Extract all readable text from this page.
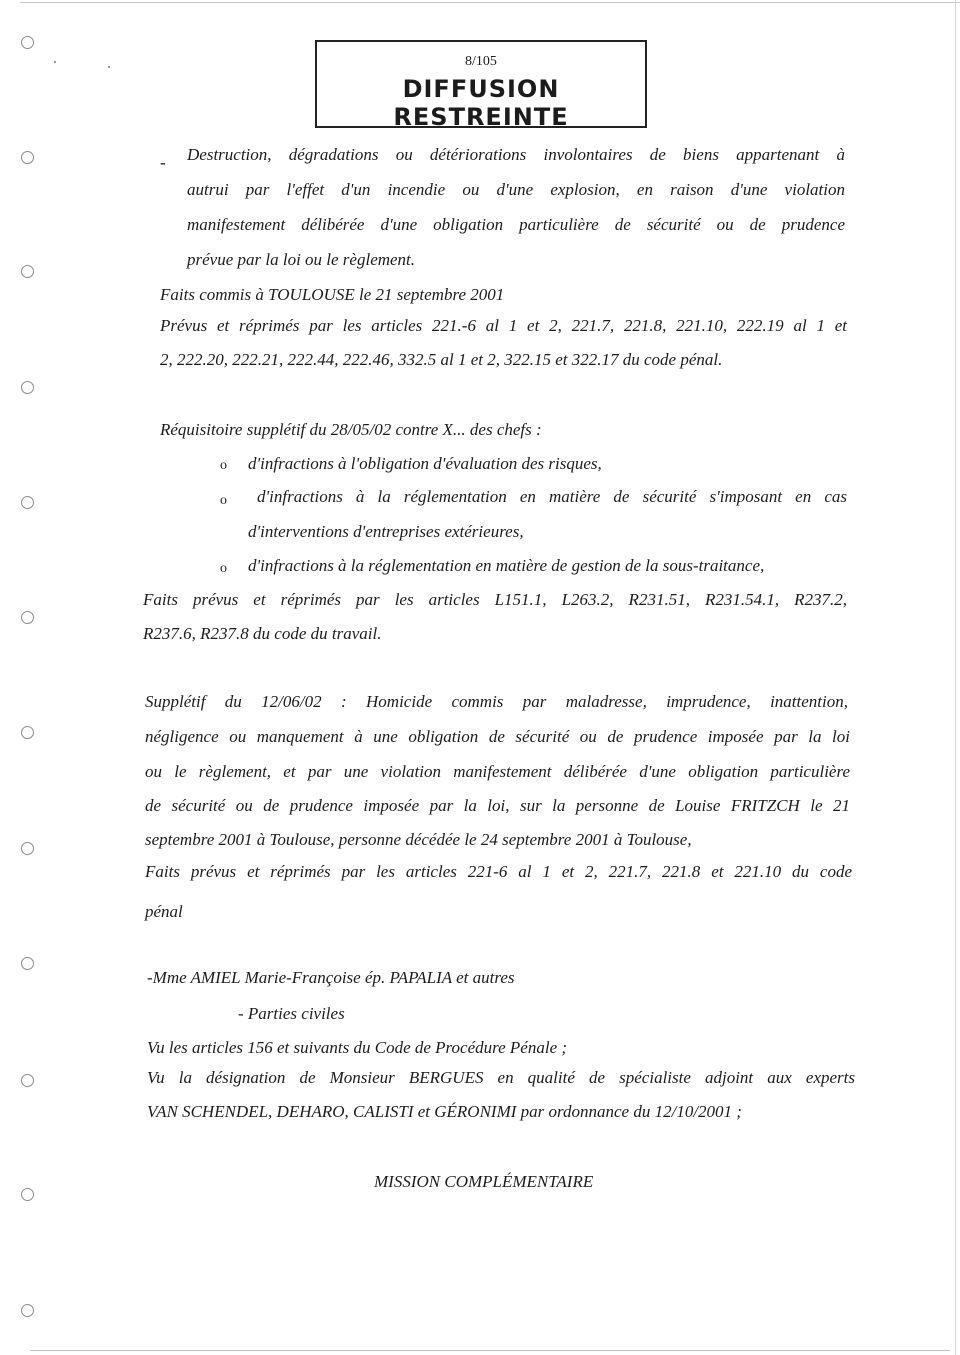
8/105
DIFFUSION RESTREINTE
- Destruction, dégradations ou détériorations involontaires de biens appartenant à
autrui par l'effet d'un incendie ou d'une explosion, en raison d'une violation
manifestement délibérée d'une obligation particulière de sécurité ou de prudence
prévue par la loi ou le règlement.
Faits commis à TOULOUSE le 21 septembre 2001
Prévus et réprimés par les articles 221.-6 al 1 et 2, 221.7, 221.8, 221.10, 222.19 al 1 et
2, 222.20, 222.21, 222.44, 222.46, 332.5 al 1 et 2, 322.15 et 322.17 du code pénal.
Réquisitoire supplétif du 28/05/02 contre X... des chefs :
o d'infractions à l'obligation d'évaluation des risques,
o d'infractions à la réglementation en matière de sécurité s'imposant en cas
d'interventions d'entreprises extérieures,
o d'infractions à la réglementation en matière de gestion de la sous-traitance,
Faits prévus et réprimés par les articles L151.1, L263.2, R231.51, R231.54.1, R237.2,
R237.6, R237.8 du code du travail.
Supplétif du 12/06/02 : Homicide commis par maladresse, imprudence, inattention,
négligence ou manquement à une obligation de sécurité ou de prudence imposée par la loi
ou le règlement, et par une violation manifestement délibérée d'une obligation particulière
de sécurité ou de prudence imposée par la loi, sur la personne de Louise FRITZCH le 21
septembre 2001 à Toulouse, personne décédée le 24 septembre 2001 à Toulouse,
Faits prévus et réprimés par les articles 221-6 al 1 et 2, 221.7, 221.8 et 221.10 du code
pénal
-Mme AMIEL Marie-Françoise ép. PAPALIA et autres
- Parties civiles
Vu les articles 156 et suivants du Code de Procédure Pénale ;
Vu la désignation de Monsieur BERGUES en qualité de spécialiste adjoint aux experts
VAN SCHENDEL, DEHARO, CALISTI et GÉRONIMI par ordonnance du 12/10/2001 ;
MISSION COMPLÉMENTAIRE
